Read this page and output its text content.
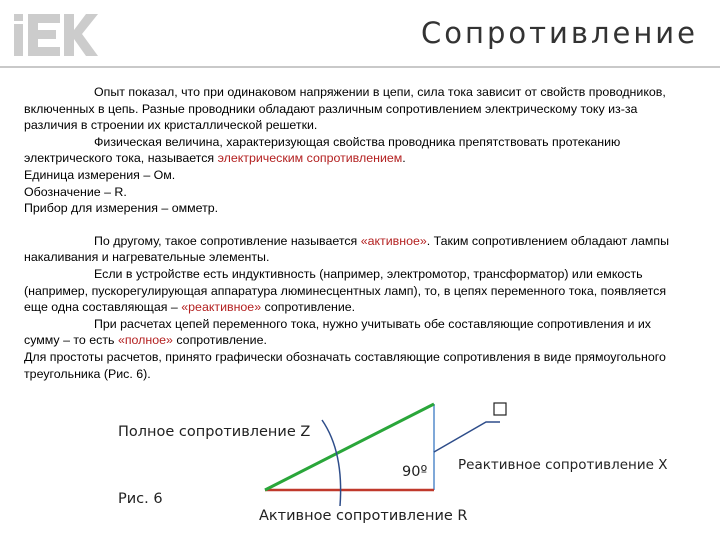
Сопротивление

Опыт показал, что при одинаковом напряжении в цепи, сила тока зависит от свойств проводников, включенных в цепь. Разные проводники обладают различным сопротивлением электрическому току из-за различия в строении их кристаллической решетки.

Физическая величина, характеризующая свойства проводника препятствовать протеканию электрического тока, называется электрическим сопротивлением.

Единица измерения – Ом.

Обозначение – R.

Прибор для измерения – омметр.

По другому, такое сопротивление называется «активное». Таким сопротивлением обладают лампы накаливания и нагревательные элементы.

Если в устройстве есть индуктивность (например, электромотор, трансформатор) или емкость (например, пускорегулирующая аппаратура люминесцентных ламп), то, в цепях переменного тока, появляется еще одна составляющая – «реактивное» сопротивление.

При расчетах цепей переменного тока, нужно учитывать обе составляющие сопротивления и их сумму – то есть «полное» сопротивление.

Для простоты расчетов, принято графически обозначать составляющие сопротивления в виде прямоугольного треугольника (Рис. 6).

Полное сопротивление Z
90º Реактивное сопротивление X
Рис. 6
Активное сопротивление R
